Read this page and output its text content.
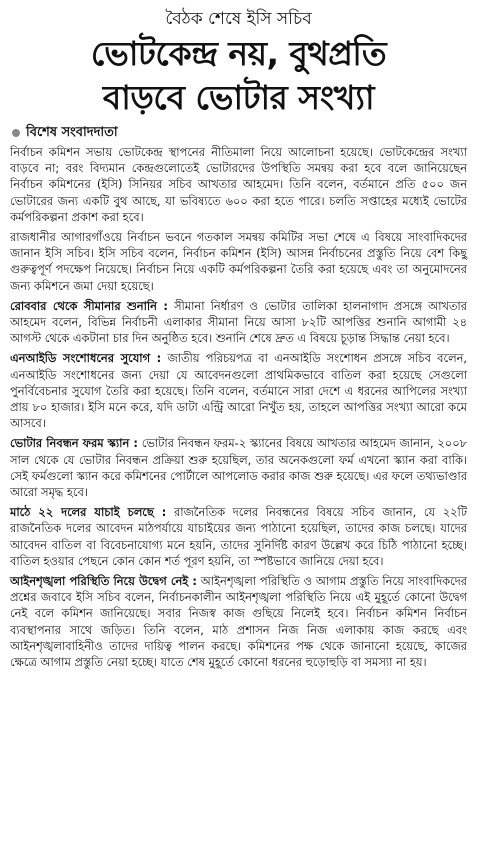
বৈঠক শেষে ইসি সচিব
ভোটকেন্দ্র নয়, বুথপ্রতি
বাড়বে ভোটার সংখ্যা
বিশেষ সংবাদদাতা

নির্বাচন কমিশন সভায় ভোটকেন্দ্র স্থাপনের নীতিমালা নিয়ে আলোচনা হয়েছে। ভোটকেন্দ্রের সংখ্যা বাড়বে না; বরং বিদ্যমান কেন্দ্রগুলোতেই ভোটারদের উপস্থিতি সমন্বয় করা হবে বলে জানিয়েছেন নির্বাচন কমিশনের (ইসি) সিনিয়র সচিব আখতার আহমেদ। তিনি বলেন, বর্তমানে প্রতি ৫০০ জন ভোটারের জন্য একটি বুথ আছে, যা ভবিষ্যতে ৬০০ করা হতে পারে। চলতি সপ্তাহের মধ্যেই ভোটের কর্মপরিকল্পনা প্রকাশ করা হবে।

রাজধানীর আগারগাঁওয়ে নির্বাচন ভবনে গতকাল সমন্বয় কমিটির সভা শেষে এ বিষয়ে সাংবাদিকদের জানান ইসি সচিব। ইসি সচিব বলেন, নির্বাচন কমিশন (ইসি) আসন্ন নির্বাচনের প্রস্তুতি নিয়ে বেশ কিছু গুরুত্বপূর্ণ পদক্ষেপ নিয়েছে। নির্বাচন নিয়ে একটি কর্মপরিকল্পনা তৈরি করা হয়েছে এবং তা অনুমোদনের জন্য কমিশনে জমা দেয়া হয়েছে।

রোববার থেকে সীমানার শুনানি : সীমানা নির্ধারণ ও ভোটার তালিকা হালনাগাদ প্রসঙ্গে আখতার আহমেদ বলেন, বিভিন্ন নির্বাচনী এলাকার সীমানা নিয়ে আসা ৮২টি আপত্তির শুনানি আগামী ২৪ আগস্ট থেকে একটানা চার দিন অনুষ্ঠিত হবে। শুনানি শেষে দ্রুত এ বিষয়ে চূড়ান্ত সিদ্ধান্ত নেয়া হবে।

এনআইডি সংশোধনের সুযোগ : জাতীয় পরিচয়পত্র বা এনআইডি সংশোধন প্রসঙ্গে সচিব বলেন, এনআইডি সংশোধনের জন্য দেয়া যে আবেদনগুলো প্রাথমিকভাবে বাতিল করা হয়েছে সেগুলো পুনর্বিবেচনার সুযোগ তৈরি করা হয়েছে। তিনি বলেন, বর্তমানে সারা দেশে এ ধরনের আপিলের সংখ্যা প্রায় ৮০ হাজার। ইসি মনে করে, যদি ডাটা এন্ট্রি আরো নিখুঁত হয়, তাহলে আপত্তির সংখ্যা আরো কমে আসবে।

ভোটার নিবন্ধন ফরম স্ক্যান : ভোটার নিবন্ধন ফরম-২ স্ক্যানের বিষয়ে আখতার আহমেদ জানান, ২০০৮ সাল থেকে যে ভোটার নিবন্ধন প্রক্রিয়া শুরু হয়েছিল, তার অনেকগুলো ফর্ম এখনো স্ক্যান করা বাকি। সেই ফর্মগুলো স্ক্যান করে কমিশনের পোর্টালে আপলোড করার কাজ শুরু হয়েছে। এর ফলে তথ্যভাণ্ডার আরো সমৃদ্ধ হবে।

মাঠে ২২ দলের যাচাই চলছে : রাজনৈতিক দলের নিবন্ধনের বিষয়ে সচিব জানান, যে ২২টি রাজনৈতিক দলের আবেদন মাঠপর্যায়ে যাচাইয়ের জন্য পাঠানো হয়েছিল, তাদের কাজ চলছে। যাদের আবেদন বাতিল বা বিবেচনাযোগ্য মনে হয়নি, তাদের সুনির্দিষ্ট কারণ উল্লেখ করে চিঠি পাঠানো হচ্ছে। বাতিল হওয়ার পেছনে কোন কোন শর্ত পূরণ হয়নি, তা স্পষ্টভাবে জানিয়ে দেয়া হবে।

আইনশৃঙ্খলা পরিস্থিতি নিয়ে উদ্বেগ নেই : আইনশৃঙ্খলা পরিস্থিতি ও আগাম প্রস্তুতি নিয়ে সাংবাদিকদের প্রশ্নের জবাবে ইসি সচিব বলেন, নির্বাচনকালীন আইনশৃঙ্খলা পরিস্থিতি নিয়ে এই মুহূর্তে কোনো উদ্বেগ নেই বলে কমিশন জানিয়েছে। সবার নিজস্ব কাজ গুছিয়ে নিলেই হবে। নির্বাচন কমিশন নির্বাচন ব্যবস্থাপনার সাথে জড়িত। তিনি বলেন, মাঠ প্রশাসন নিজ নিজ এলাকায় কাজ করছে এবং আইনশৃঙ্খলাবাহিনীও তাদের দায়িত্ব পালন করছে। কমিশনের পক্ষ থেকে জানানো হয়েছে, কাজের ক্ষেত্রে আগাম প্রস্তুতি নেয়া হচ্ছে। যাতে শেষ মুহূর্তে কোনো ধরনের হুড়োহুড়ি বা সমস্যা না হয়।
